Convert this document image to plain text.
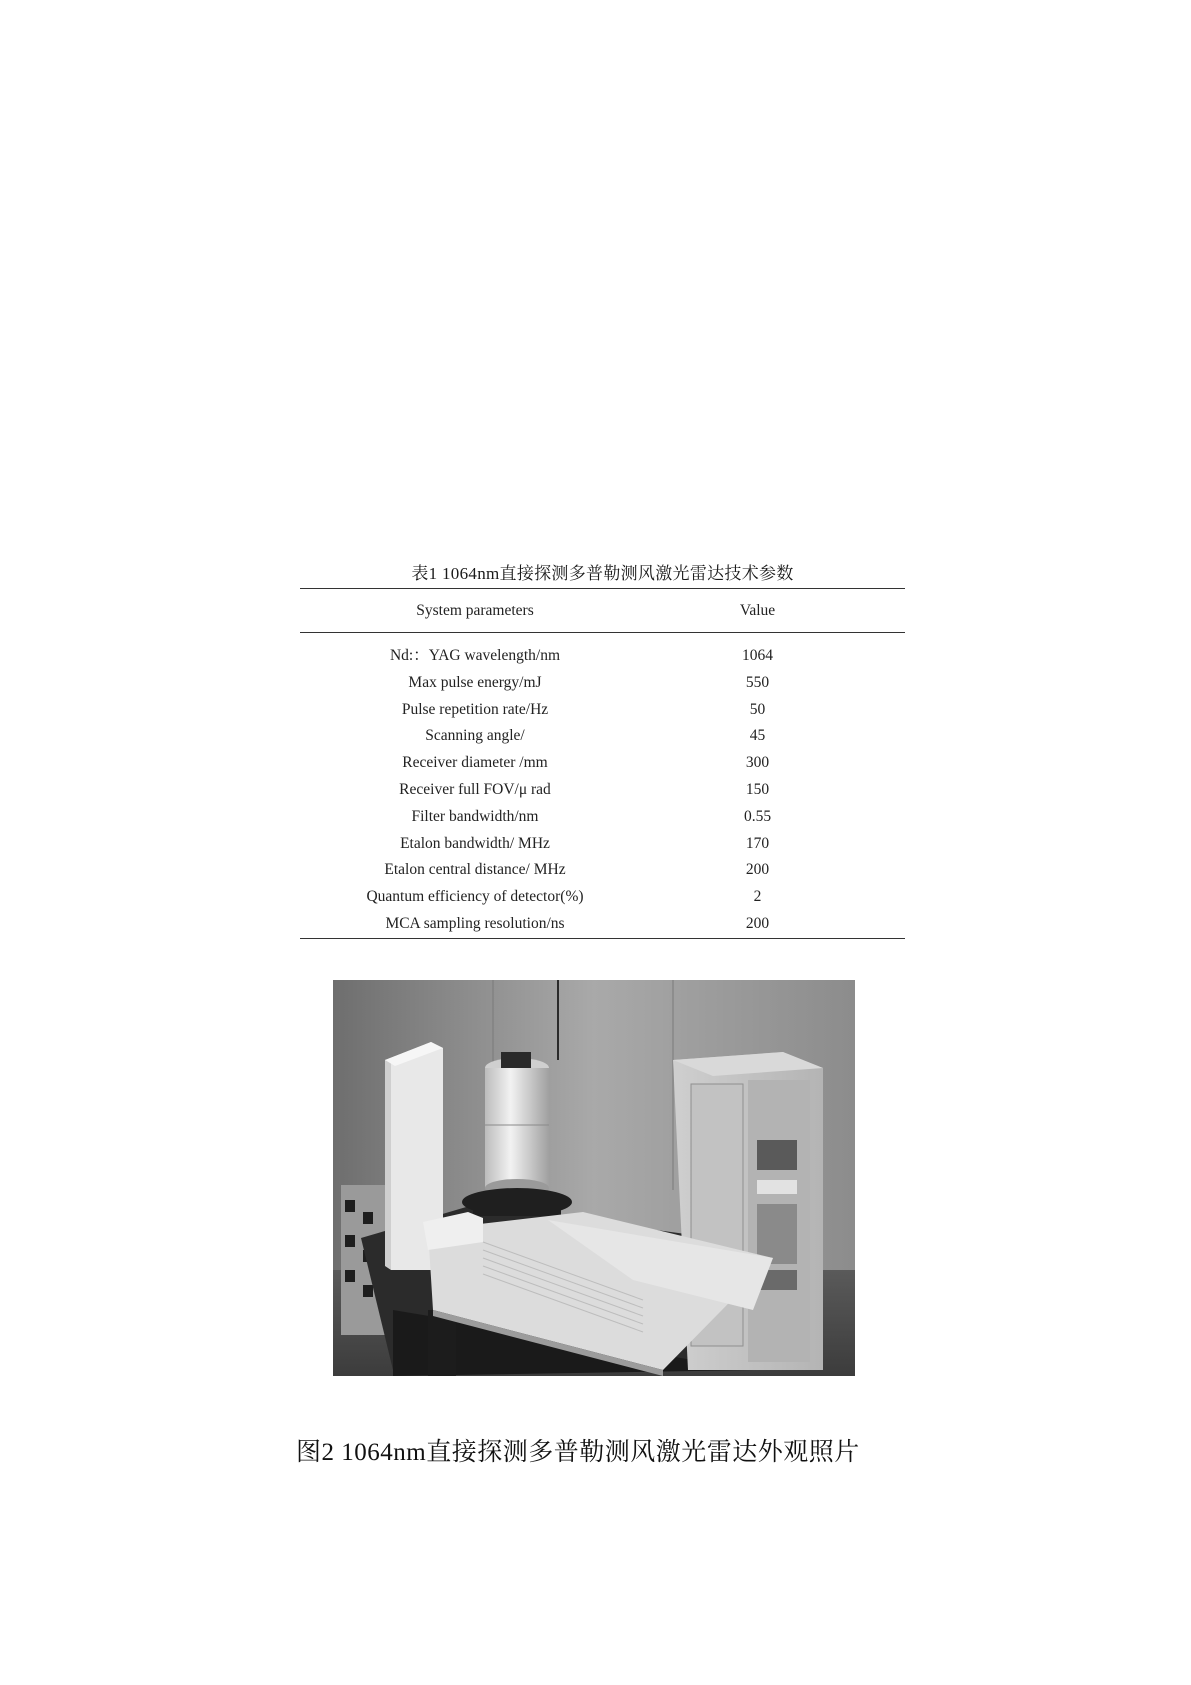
表1 1064nm直接探测多普勒测风激光雷达技术参数

System parameters	Value

Nd:：YAG wavelength/nm	1064
Max pulse energy/mJ	550
Pulse repetition rate/Hz	50
Scanning angle/	45
Receiver diameter /mm	300
Receiver full FOV/μ rad	150
Filter bandwidth/nm	0.55
Etalon bandwidth/ MHz	170
Etalon central distance/ MHz	200
Quantum efficiency of detector(%)	2
MCA sampling resolution/ns	200

图2 1064nm直接探测多普勒测风激光雷达外观照片
